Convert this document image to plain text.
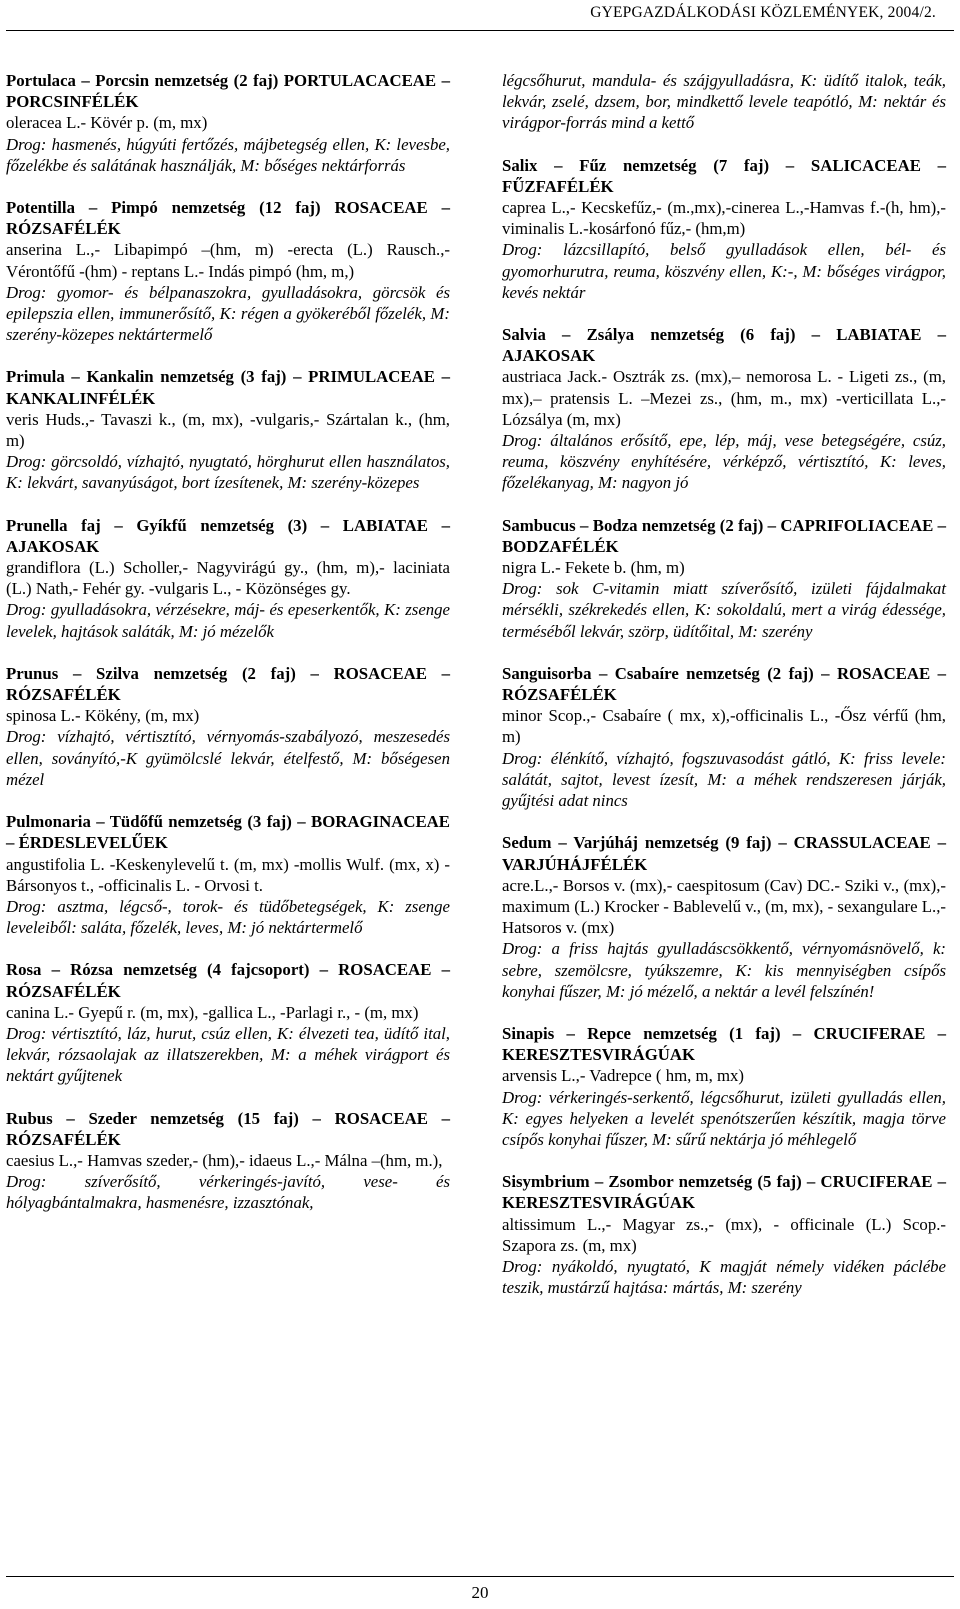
GYEPGAZDÁLKODÁSI KÖZLEMÉNYEK, 2004/2.
Portulaca – Porcsin nemzetség (2 faj) PORTULACACEAE – PORCSINFÉLÉK
oleracea L.- Kövér p. (m, mx)
Drog: hasmenés, húgyúti fertőzés, májbetegség ellen, K: levesbe, főzelékbe és salátának használják, M: bőséges nektárforrás
Potentilla – Pimpó nemzetség (12 faj) ROSACEAE – RÓZSAFÉLÉK
anserina L.,- Libapimpó –(hm, m) -erecta (L.) Rausch.,- Vérontőfű -(hm) - reptans L.- Indás pimpó (hm, m,)
Drog: gyomor- és bélpanaszokra, gyulladásokra, görcsök és epilepszia ellen, immunerősítő, K: régen a gyökeréből főzelék, M: szerény-közepes nektártermelő
Primula – Kankalin nemzetség (3 faj) – PRIMULACEAE – KANKALINFÉLÉK
veris Huds.,- Tavaszi k., (m, mx), -vulgaris,- Szártalan k., (hm, m)
Drog: görcsoldó, vízhajtó, nyugtató, hörghurut ellen használatos, K: lekvárt, savanyúságot, bort ízesítenek, M: szerény-közepes
Prunella faj – Gyíkfű nemzetség (3) – LABIATAE – AJAKOSAK
grandiflora (L.) Scholler,- Nagyvirágú gy., (hm, m),- laciniata (L.) Nath,- Fehér gy. -vulgaris L., - Közönséges gy.
Drog: gyulladásokra, vérzésekre, máj- és epeserkentők, K: zsenge levelek, hajtások saláták, M: jó mézelők
Prunus – Szilva nemzetség (2 faj) – ROSACEAE – RÓZSAFÉLÉK
spinosa L.- Kökény, (m, mx)
Drog: vízhajtó, vértisztító, vérnyomás-szabályozó, meszesedés ellen, soványító,-K gyümölcslé lekvár, ételfestő, M: bőségesen mézel
Pulmonaria – Tüdőfű nemzetség (3 faj) – BORAGINACEAE – ÉRDESLEVELŰEK
angustifolia L. -Keskenylevelű t. (m, mx) -mollis Wulf. (mx, x) -Bársonyos t., -officinalis L. - Orvosi t.
Drog: asztma, légcső-, torok- és tüdőbetegségek, K: zsenge leveleiből: saláta, főzelék, leves, M: jó nektártermelő
Rosa – Rózsa nemzetség (4 fajcsoport) – ROSACEAE – RÓZSAFÉLÉK
canina L.- Gyepű r. (m, mx), -gallica L., -Parlagi r., - (m, mx)
Drog: vértisztító, láz, hurut, csúz ellen, K: élvezeti tea, üdítő ital, lekvár, rózsaolajak az illatszerekben, M: a méhek virágport és nektárt gyűjtenek
Rubus – Szeder nemzetség (15 faj) – ROSACEAE – RÓZSAFÉLÉK
caesius L.,- Hamvas szeder,- (hm),- idaeus L.,- Málna –(hm, m.),
Drog: szíverősítő, vérkeringés-javító, vese- és hólyagbántalmakra, hasmenésre, izzasztónak,
légcsőhurut, mandula- és szájgyulladásra, K: üdítő italok, teák, lekvár, zselé, dzsem, bor, mindkettő levele teapótló, M: nektár és virágpor-forrás mind a kettő
Salix – Fűz nemzetség (7 faj) – SALICACEAE – FŰZFAFÉLÉK
caprea L.,- Kecskefűz,- (m.,mx),-cinerea L.,-Hamvas f.-(h, hm),- viminalis L.-kosárfonó fűz,- (hm,m)
Drog: lázcsillapító, belső gyulladások ellen, bél- és gyomorhurutra, reuma, köszvény ellen, K:-, M: bőséges virágpor, kevés nektár
Salvia – Zsálya nemzetség (6 faj) – LABIATAE – AJAKOSAK
austriaca Jack.- Osztrák zs. (mx),– nemorosa L. - Ligeti zs., (m, mx),– pratensis L. –Mezei zs., (hm, m., mx) -verticillata L.,- Lózsálya (m, mx)
Drog: általános erősítő, epe, lép, máj, vese betegségére, csúz, reuma, köszvény enyhítésére, vérképző, vértisztító, K: leves, főzelékanyag, M: nagyon jó
Sambucus – Bodza nemzetség (2 faj) – CAPRIFOLIACEAE – BODZAFÉLÉK
nigra L.- Fekete b. (hm, m)
Drog: sok C-vitamin miatt szíverősítő, izületi fájdalmakat mérsékli, székrekedés ellen, K: sokoldalú, mert a virág édessége, terméséből lekvár, szörp, üdítőital, M: szerény
Sanguisorba – Csabaíre nemzetség (2 faj) – ROSACEAE – RÓZSAFÉLÉK
minor Scop.,- Csabaíre ( mx, x),-officinalis L., -Ősz vérfű (hm, m)
Drog: élénkítő, vízhajtó, fogszuvasodást gátló, K: friss levele: salátát, sajtot, levest ízesít, M: a méhek rendszeresen járják, gyűjtési adat nincs
Sedum – Varjúháj nemzetség (9 faj) – CRASSULACEAE – VARJÚHÁJFÉLÉK
acre.L.,- Borsos v. (mx),- caespitosum (Cav) DC.- Sziki v., (mx),- maximum (L.) Krocker - Bablevelű v., (m, mx), - sexangulare L.,-Hatsoros v. (mx)
Drog: a friss hajtás gyulladáscsökkentő, vérnyomásnövelő, k: sebre, szemölcsre, tyúkszemre, K: kis mennyiségben csípős konyhai fűszer, M: jó mézelő, a nektár a levél felszínén!
Sinapis – Repce nemzetség (1 faj) – CRUCIFERAE – KERESZTESVIRÁGÚAK
arvensis L.,- Vadrepce ( hm, m, mx)
Drog: vérkeringés-serkentő, légcsőhurut, izületi gyulladás ellen, K: egyes helyeken a levelét spenótszerűen készítik, magja törve csípős konyhai fűszer, M: sűrű nektárja jó méhlegelő
Sisymbrium – Zsombor nemzetség (5 faj) – CRUCIFERAE – KERESZTESVIRÁGÚAK
altissimum L.,- Magyar zs.,- (mx), - officinale (L.) Scop.- Szapora zs. (m, mx)
Drog: nyákoldó, nyugtató, K magját némely vidéken páclébe teszik, mustárzű hajtása: mártás, M: szerény
20
